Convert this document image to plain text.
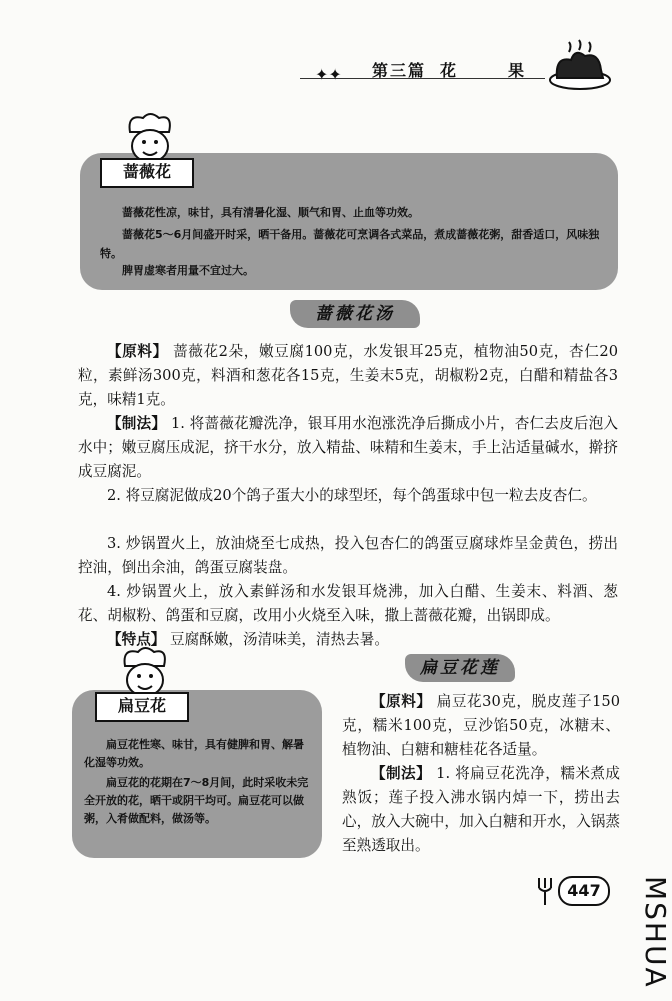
✦✦ 第三篇 花　果
蔷薇花性凉，味甘，具有清暑化湿、顺气和胃、止血等功效。
蔷薇花5～6月间盛开时采，晒干备用。蔷薇花可烹调各式菜品，煮成蔷薇花粥，甜香适口，风味独特。
脾胃虚寒者用量不宜过大。
蔷薇花
蔷薇花汤
【原料】 蔷薇花2朵，嫩豆腐100克，水发银耳25克，植物油50克，杏仁20粒，素鲜汤300克，料酒和葱花各15克，生姜末5克，胡椒粉2克，白醋和精盐各3克，味精1克。
【制法】 1. 将蔷薇花瓣洗净，银耳用水泡涨洗净后撕成小片，杏仁去皮后泡入水中；嫩豆腐压成泥，挤干水分，放入精盐、味精和生姜末，手上沾适量碱水，擀挤成豆腐泥。
2. 将豆腐泥做成20个鸽子蛋大小的球型坯，每个鸽蛋球中包一粒去皮杏仁。
3. 炒锅置火上，放油烧至七成热，投入包杏仁的鸽蛋豆腐球炸呈金黄色，捞出控油，倒出余油，鸽蛋豆腐装盘。
4. 炒锅置火上，放入素鲜汤和水发银耳烧沸，加入白醋、生姜末、料酒、葱花、胡椒粉、鸽蛋和豆腐，改用小火烧至入味，撒上蔷薇花瓣，出锅即成。
【特点】 豆腐酥嫩，汤清味美，清热去暑。
扁豆花性寒、味甘，具有健脾和胃、解暑化湿等功效。
扁豆花的花期在7～8月间，此时采收未完全开放的花，晒干或阴干均可。扁豆花可以做粥，入肴做配料，做汤等。
扁豆花
扁豆花莲
【原料】 扁豆花30克，脱皮莲子150克，糯米100克，豆沙馅50克，冰糖末、植物油、白糖和糖桂花各适量。
【制法】 1. 将扁豆花洗净，糯米煮成熟饭；莲子投入沸水锅内焯一下，捞出去心，放入大碗中，加入白糖和开水，入锅蒸至熟透取出。
447	MSHUA
